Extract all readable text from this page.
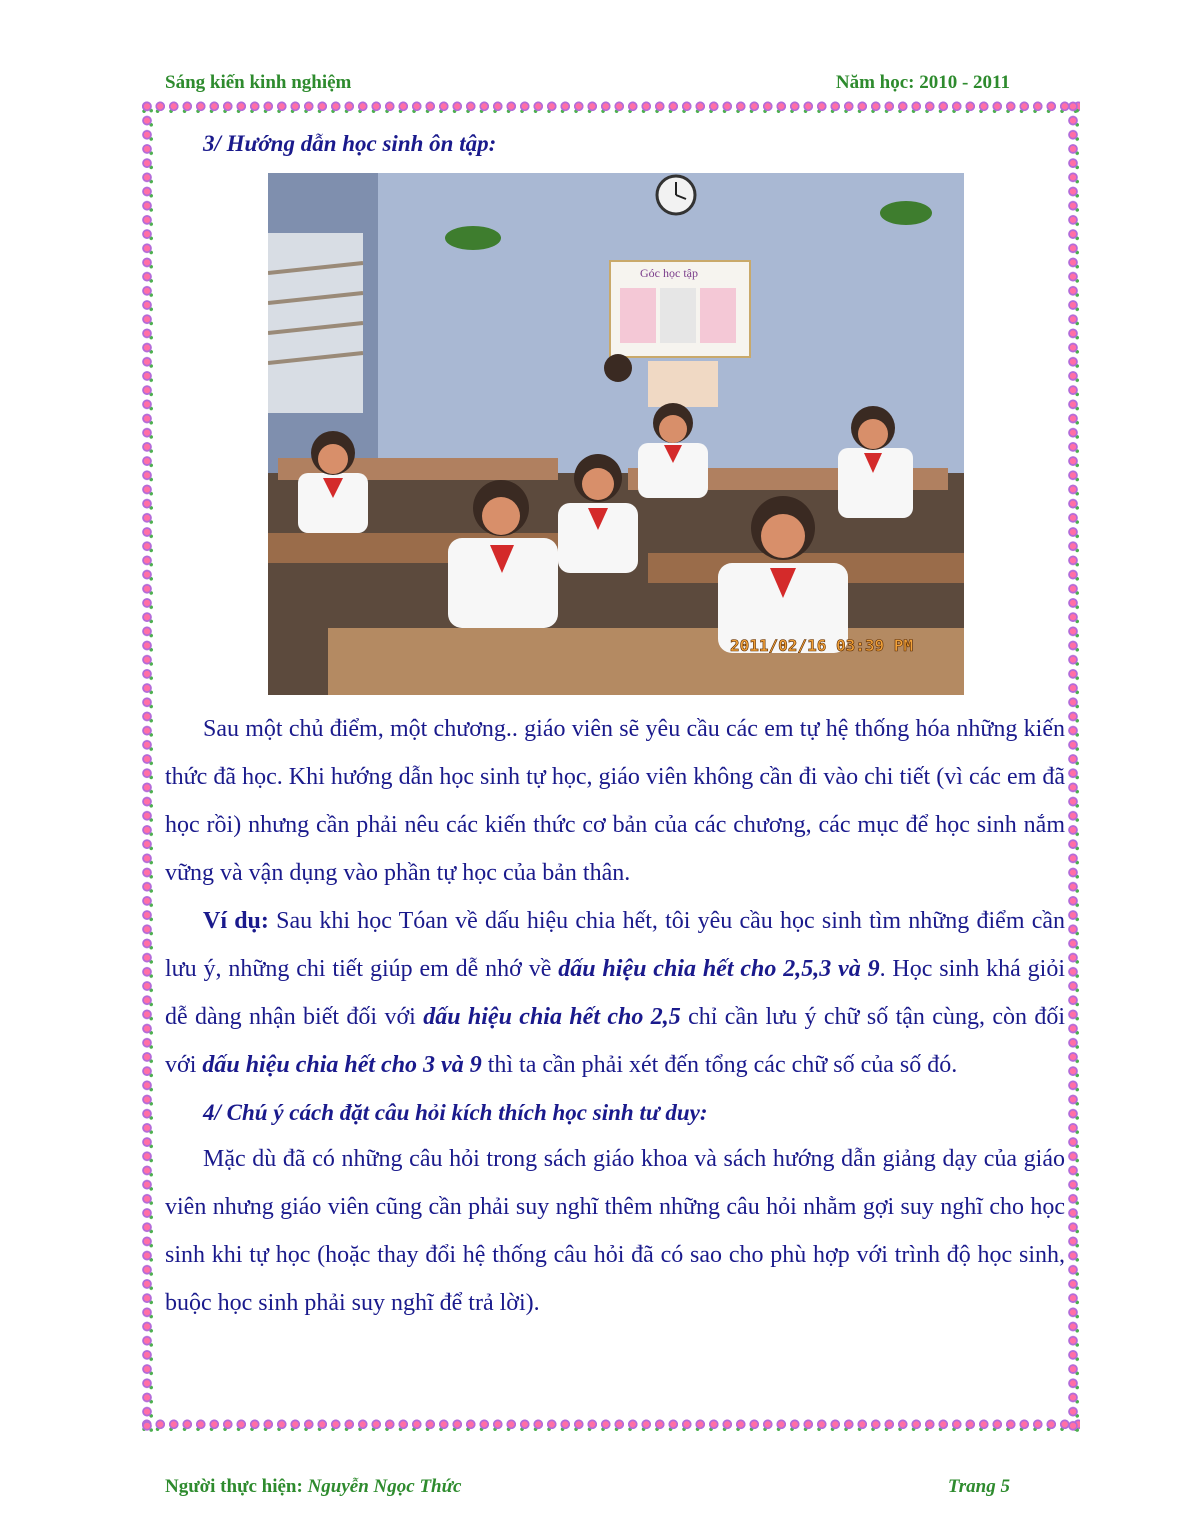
Sáng kiến kinh nghiệm	Năm học: 2010 - 2011

3/ Hướng dẫn học sinh ôn tập:

Góc học tập
2011/02/16 03:39 PM

Sau một chủ điểm, một chương.. giáo viên sẽ yêu cầu các em tự hệ thống hóa những kiến thức đã học. Khi hướng dẫn học sinh tự học, giáo viên không cần đi vào chi tiết (vì các em đã học rồi) nhưng cần phải nêu các kiến thức cơ bản của các chương, các mục để học sinh nắm vững và vận dụng vào phần tự học của bản thân.

Ví dụ: Sau khi học Tóan về dấu hiệu chia hết, tôi yêu cầu học sinh tìm những điểm cần lưu ý, những chi tiết giúp em dễ nhớ về dấu hiệu chia hết cho 2,5,3 và 9. Học sinh khá giỏi dễ dàng nhận biết đối với dấu hiệu chia hết cho 2,5 chỉ cần lưu ý chữ số tận cùng, còn đối với dấu hiệu chia hết cho 3 và 9 thì ta cần phải xét đến tổng các chữ số của số đó.

4/ Chú ý cách đặt câu hỏi kích thích học sinh tư duy:

Mặc dù đã có những câu hỏi trong sách giáo khoa và sách hướng dẫn giảng dạy của giáo viên nhưng giáo viên cũng cần phải suy nghĩ thêm những câu hỏi nhằm gợi suy nghĩ cho học sinh khi tự học (hoặc thay đổi hệ thống câu hỏi đã có sao cho phù hợp với trình độ học sinh, buộc học sinh phải suy nghĩ để trả lời).

Người thực hiện: Nguyễn Ngọc Thức	Trang 5
